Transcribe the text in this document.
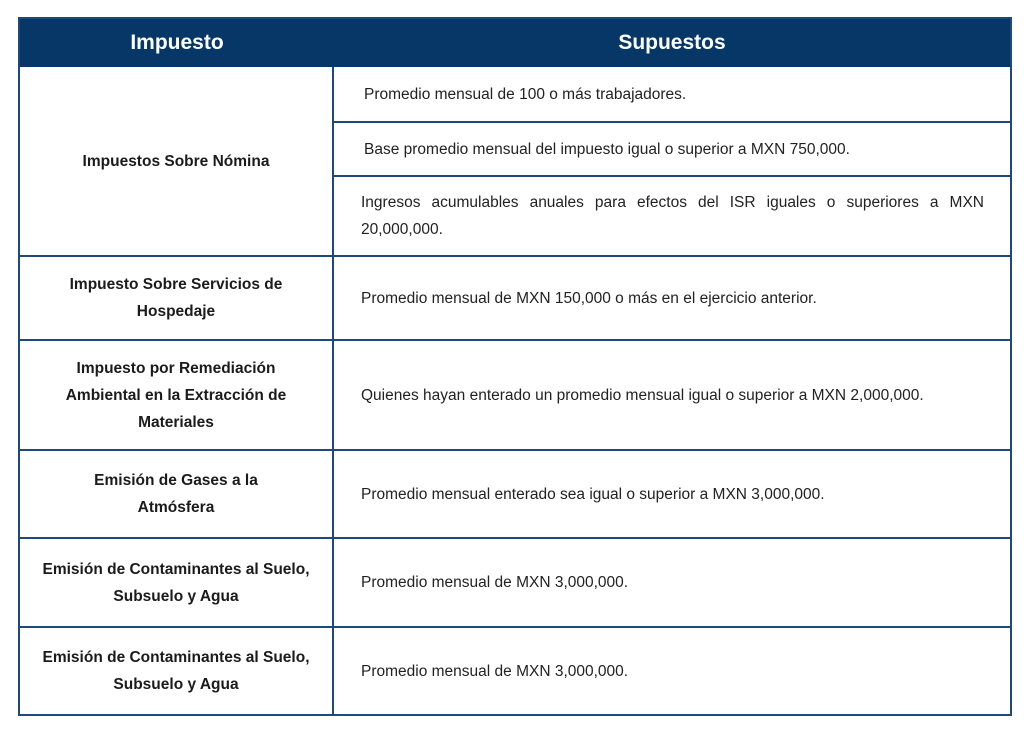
Impuesto	Supuestos
Impuestos Sobre Nómina
Promedio mensual de 100 o más trabajadores.
Base promedio mensual del impuesto igual o superior a MXN 750,000.
Ingresos acumulables anuales para efectos del ISR iguales o superiores a MXN 20,000,000.
Impuesto Sobre Servicios de Hospedaje
Promedio mensual de MXN 150,000 o más en el ejercicio anterior.
Impuesto por Remediación Ambiental en la Extracción de Materiales
Quienes hayan enterado un promedio mensual igual o superior a MXN 2,000,000.
Emisión de Gases a la Atmósfera
Promedio mensual enterado sea igual o superior a MXN 3,000,000.
Emisión de Contaminantes al Suelo, Subsuelo y Agua
Promedio mensual de MXN 3,000,000.
Emisión de Contaminantes al Suelo, Subsuelo y Agua
Promedio mensual de MXN 3,000,000.
